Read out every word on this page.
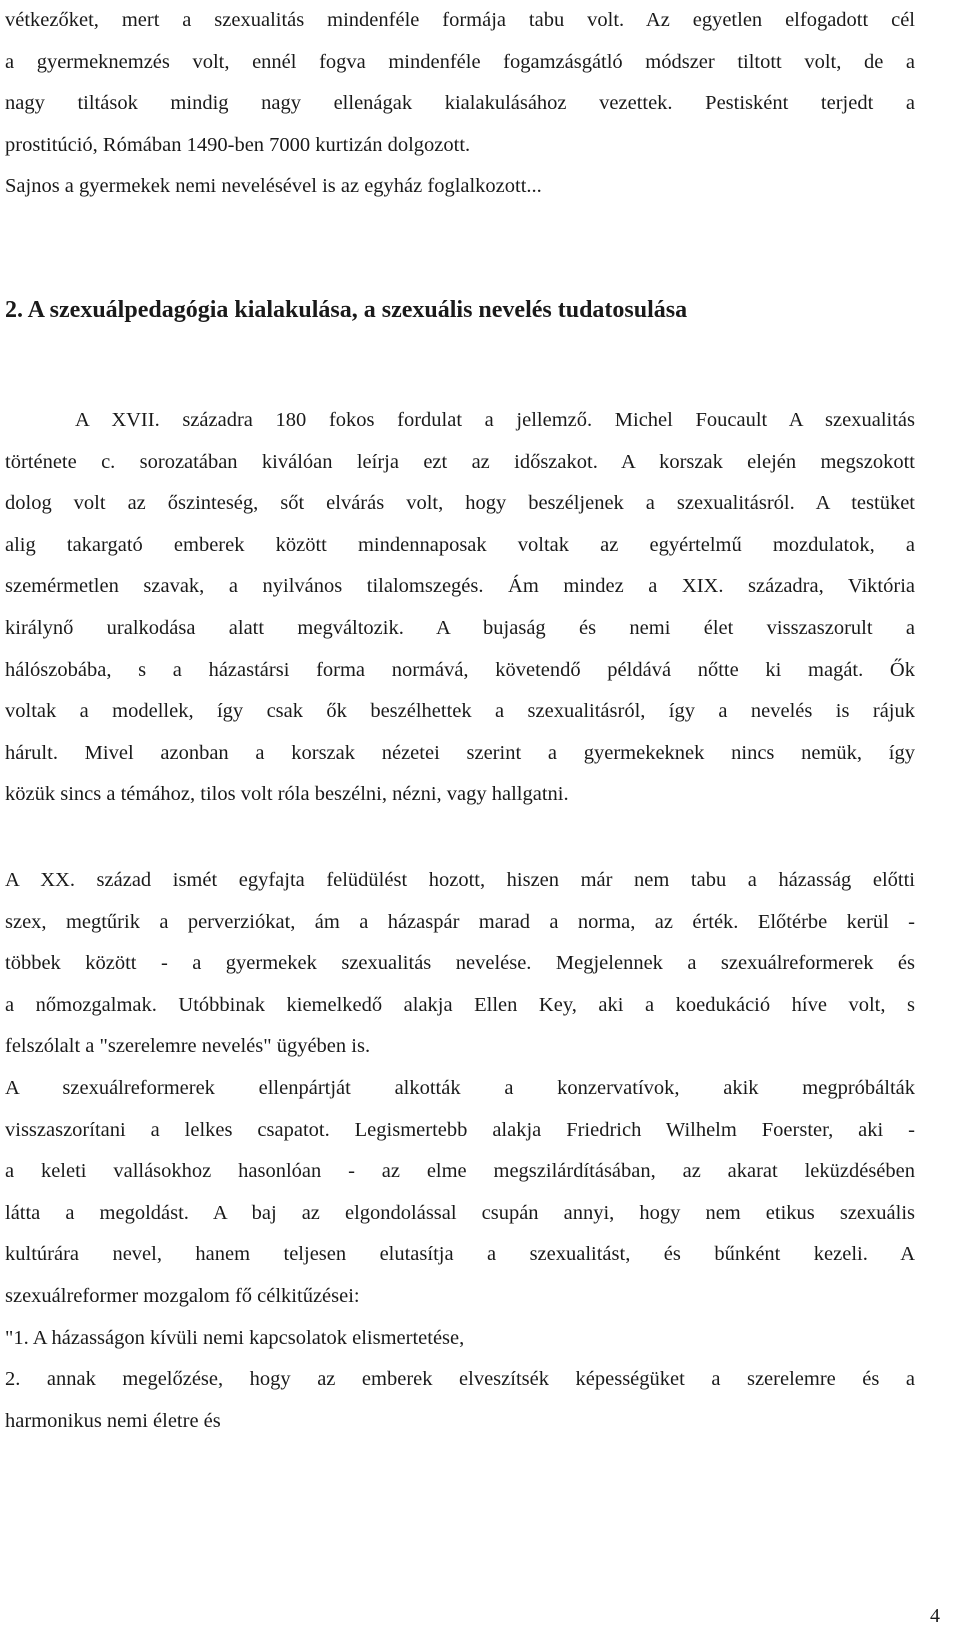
vétkezőket, mert a szexualitás mindenféle formája tabu volt. Az egyetlen elfogadott cél
a gyermeknemzés volt, ennél fogva mindenféle fogamzásgátló módszer tiltott volt, de a
nagy tiltások mindig nagy ellenágak kialakulásához vezettek. Pestisként terjedt a
prostitúció, Rómában 1490-ben 7000 kurtizán dolgozott.
Sajnos a gyermekek nemi nevelésével is az egyház foglalkozott...
2. A szexuálpedagógia kialakulása, a szexuális nevelés tudatosulása
A XVII. századra 180 fokos fordulat a jellemző. Michel Foucault A szexualitás
története c. sorozatában kiválóan leírja ezt az időszakot. A korszak elején megszokott
dolog volt az őszinteség, sőt elvárás volt, hogy beszéljenek a szexualitásról. A testüket
alig takargató emberek között mindennaposak voltak az egyértelmű mozdulatok, a
szemérmetlen szavak, a nyilvános tilalomszegés. Ám mindez a XIX. századra, Viktória
királynő uralkodása alatt megváltozik. A bujaság és nemi élet visszaszorult a
hálószobába, s a házastársi forma normává, követendő példává nőtte ki magát. Ők
voltak a modellek, így csak ők beszélhettek a szexualitásról, így a nevelés is rájuk
hárult. Mivel azonban a korszak nézetei szerint a gyermekeknek nincs nemük, így
közük sincs a témához, tilos volt róla beszélni, nézni, vagy hallgatni.
A XX. század ismét egyfajta felüdülést hozott, hiszen már nem tabu a házasság előtti
szex, megtűrik a perverziókat, ám a házaspár marad a norma, az érték. Előtérbe kerül -
többek között - a gyermekek szexualitás nevelése. Megjelennek a szexuálreformerek és
a nőmozgalmak. Utóbbinak kiemelkedő alakja Ellen Key, aki a koedukáció híve volt, s
felszólalt a "szerelemre nevelés" ügyében is.
A szexuálreformerek ellenpártját alkották a konzervatívok, akik megpróbálták
visszaszorítani a lelkes csapatot. Legismertebb alakja Friedrich Wilhelm Foerster, aki -
a keleti vallásokhoz hasonlóan - az elme megszilárdításában, az akarat leküzdésében
látta a megoldást. A baj az elgondolással csupán annyi, hogy nem etikus szexuális
kultúrára nevel, hanem teljesen elutasítja a szexualitást, és bűnként kezeli. A
szexuálreformer mozgalom fő célkitűzései:
"1. A házasságon kívüli nemi kapcsolatok elismertetése,
2. annak megelőzése, hogy az emberek elveszítsék képességüket a szerelemre és a
harmonikus nemi életre és
4
